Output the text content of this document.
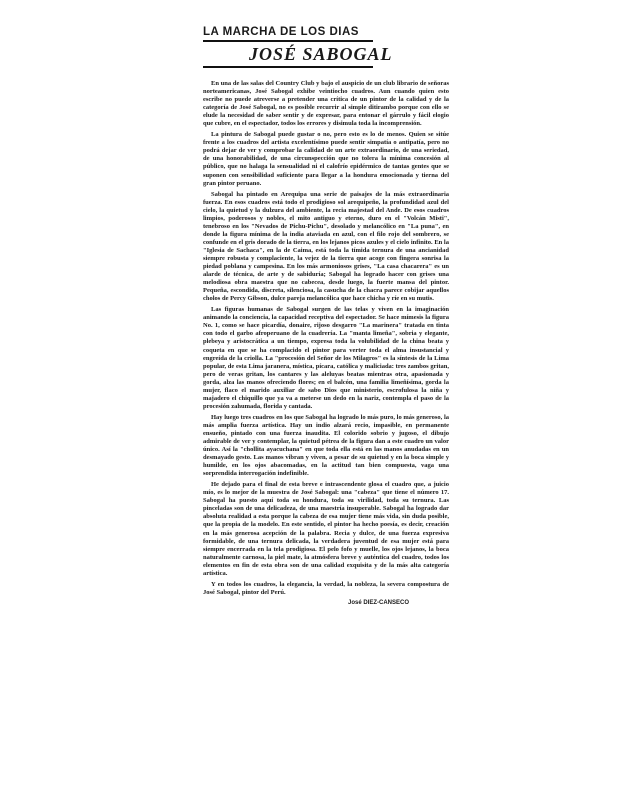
LA MARCHA DE LOS DIAS
JOSÉ SABOGAL

En una de las salas del Country Club y bajo el auspicio de un club librario de señoras norteamericanas, José Sabogal exhibe veintiocho cuadros. Aun cuando quien esto escribe no puede atreverse a pretender una crítica de un pintor de la calidad y de la categoría de José Sabogal, no es posible recurrir al simple ditirambo porque con ello se elude la necesidad de saber sentir y de expresar, para entonar el gárrulo y fácil elogio que cubre, en el espectador, todos los errores y disimula toda la incomprensión.

La pintura de Sabogal puede gustar o no, pero esto es lo de menos. Quien se sitúe frente a los cuadros del artista excelentísimo puede sentir simpatía o antipatía, pero no podrá dejar de ver y comprobar la calidad de un arte extraordinario, de una seriedad, de una honorabilidad, de una circunspección que no tolera la mínima concesión al público, que no halaga la sensualidad ni el calofrío epidérmico de tantas gentes que se suponen con sensibilidad suficiente para llegar a la hondura emocionada y tierna del gran pintor peruano.

Sabogal ha pintado en Arequipa una serie de paisajes de la más extraordinaria fuerza. En esos cuadros está todo el prodigioso sol arequipeño, la profundidad azul del cielo, la quietud y la dulzura del ambiente, la recia majestad del Ande. De esos cuadros limpios, poderosos y nobles, el mito antiguo y eterno, duro en el "Volcán Misti", tenebroso en los "Nevados de Pichu-Pichu", desolado y melancólico en "La puna", en donde la figura mínima de la india ataviada en azul, con el filo rojo del sombrero, se confunde en el gris dorado de la tierra, en los lejanos picos azules y el cielo infinito. En la "Iglesia de Sachaca", en la de Caima, está toda la tímida ternura de una ancianidad siempre robusta y complaciente, la vejez de la tierra que acoge con fingera sonrisa la piedad poblana y campesina. En los más armoniosos grises, "La casa chacarera" es un alarde de técnica, de arte y de sabiduría; Sabogal ha logrado hacer con grises una melodiosa obra maestra que no cabecea, desde luego, la fuerte mansa del pintor. Pequeña, escondida, discreta, silenciosa, la casucha de la chacra parece cobijar aquellos cholos de Percy Gibson, dulce pareja melancólica que hace chicha y ríe en su mutis.

Las figuras humanas de Sabogal surgen de las telas y viven en la imaginación animando la conciencia, la capacidad receptiva del espectador. Se hace mímesis la figura No. 1, como se hace picardía, donaire, rijoso desgarro "La marinera" tratada en tinta con todo el garbo afroperuano de la cuadrería. La "manta limeña", sobria y elegante, plebeya y aristocrática a un tiempo, expresa toda la volubilidad de la china beata y coqueta en que se ha complacido el pintor para verter toda el alma insustancial y engreída de la criolla. La "procesión del Señor de los Milagros" es la síntesis de la Lima popular, de esta Lima jaranera, mística, pícara, católica y maliciada: tres zambos gritan, pero de veras gritan, los cantares y las aleluyas beatas mientras otra, apasionada y gorda, alza las manos ofreciendo flores; en el balcón, una familia limeñísima, gorda la mujer, flaco el marido auxiliar de sabo Dios que ministerio, escrofulosa la niña y majadero el chiquillo que ya va a meterse un dedo en la nariz, contempla el paso de la procesión zahumada, florida y cantada.

Hay luego tres cuadros en los que Sabogal ha logrado lo más puro, lo más generoso, la más amplia fuerza artística. Hay un indio alzará recio, impasible, en permanente ensueño, pintado con una fuerza inaudita. El colorido sobrio y jugoso, el dibujo admirable de ver y contemplar, la quietud pétrea de la figura dan a este cuadro un valor único. Así la "chollita ayacuchana" en que toda ella está en las manos anudadas en un desmayado gesto. Las manos vibran y viven, a pesar de su quietud y en la boca simple y humilde, en los ojos abacomadas, en la actitud tan bien compuesta, vaga una sorprendida interrogación indefinible.

He dejado para el final de esta breve e intrascendente glosa el cuadro que, a juicio mío, es lo mejor de la muestra de José Sabogal: una "cabeza" que tiene el número 17. Sabogal ha puesto aquí toda su hondura, toda su virilidad, toda su ternura. Las pinceladas son de una delicadeza, de una maestría insuperable. Sabogal ha logrado dar absoluta realidad a esta porque la cabeza de esa mujer tiene más vida, sin duda posible, que la propia de la modelo. En este sentido, el pintor ha hecho poesía, es decir, creación en la más generosa acepción de la palabra. Recia y dulce, de una fuerza expresiva formidable, de una ternura delicada, la verdadera juventud de esa mujer está para siempre encerrada en la tela prodigiosa. El pelo fofo y muelle, los ojos lejanos, la boca naturalmente carnosa, la piel mate, la atmósfera breve y auténtica del cuadro, todos los elementos en fin de esta obra son de una calidad exquisita y de la más alta categoría artística.

Y en todos los cuadros, la elegancia, la verdad, la nobleza, la severa compostura de José Sabogal, pintor del Perú.

José DIEZ-CANSECO
